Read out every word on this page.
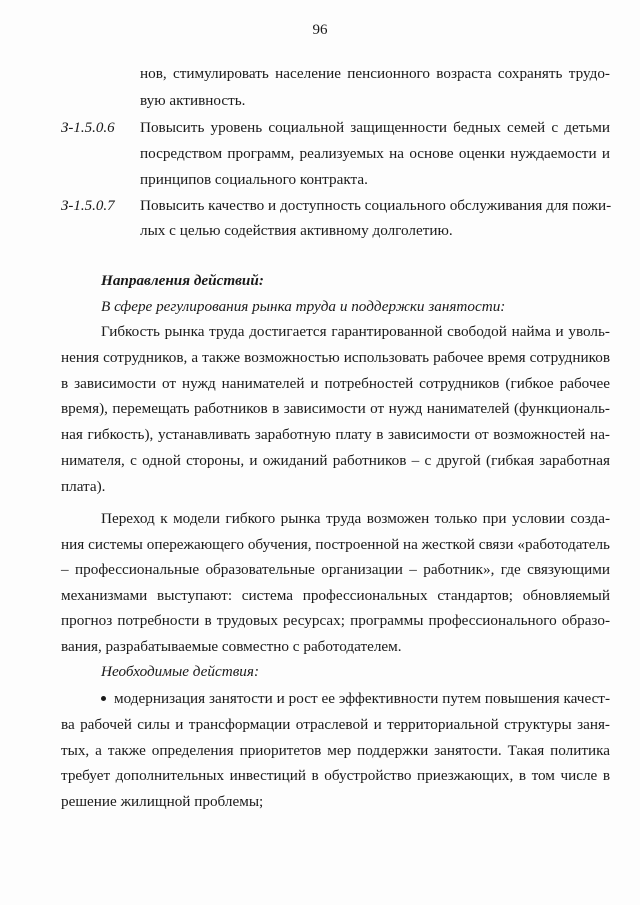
96
нов, стимулировать население пенсионного возраста сохранять трудо-
вую активность.
З-1.5.0.6 Повысить уровень социальной защищенности бедных семей с детьми
посредством программ, реализуемых на основе оценки нуждаемости и
принципов социального контракта.
З-1.5.0.7 Повысить качество и доступность социального обслуживания для пожи-
лых с целью содействия активному долголетию.
Направления действий:
В сфере регулирования рынка труда и поддержки занятости:
Гибкость рынка труда достигается гарантированной свободой найма и уволь-
нения сотрудников, а также возможностью использовать рабочее время сотрудников
в зависимости от нужд нанимателей и потребностей сотрудников (гибкое рабочее
время), перемещать работников в зависимости от нужд нанимателей (функциональ-
ная гибкость), устанавливать заработную плату в зависимости от возможностей на-
нимателя, с одной стороны, и ожиданий работников – с другой (гибкая заработная
плата).
Переход к модели гибкого рынка труда возможен только при условии созда-
ния системы опережающего обучения, построенной на жесткой связи «работодатель
– профессиональные образовательные организации – работник», где связующими
механизмами выступают: система профессиональных стандартов; обновляемый
прогноз потребности в трудовых ресурсах; программы профессионального образо-
вания, разрабатываемые совместно с работодателем.
Необходимые действия:
модернизация занятости и рост ее эффективности путем повышения качест-
ва рабочей силы и трансформации отраслевой и территориальной структуры заня-
тых, а также определения приоритетов мер поддержки занятости. Такая политика
требует дополнительных инвестиций в обустройство приезжающих, в том числе в
решение жилищной проблемы;
